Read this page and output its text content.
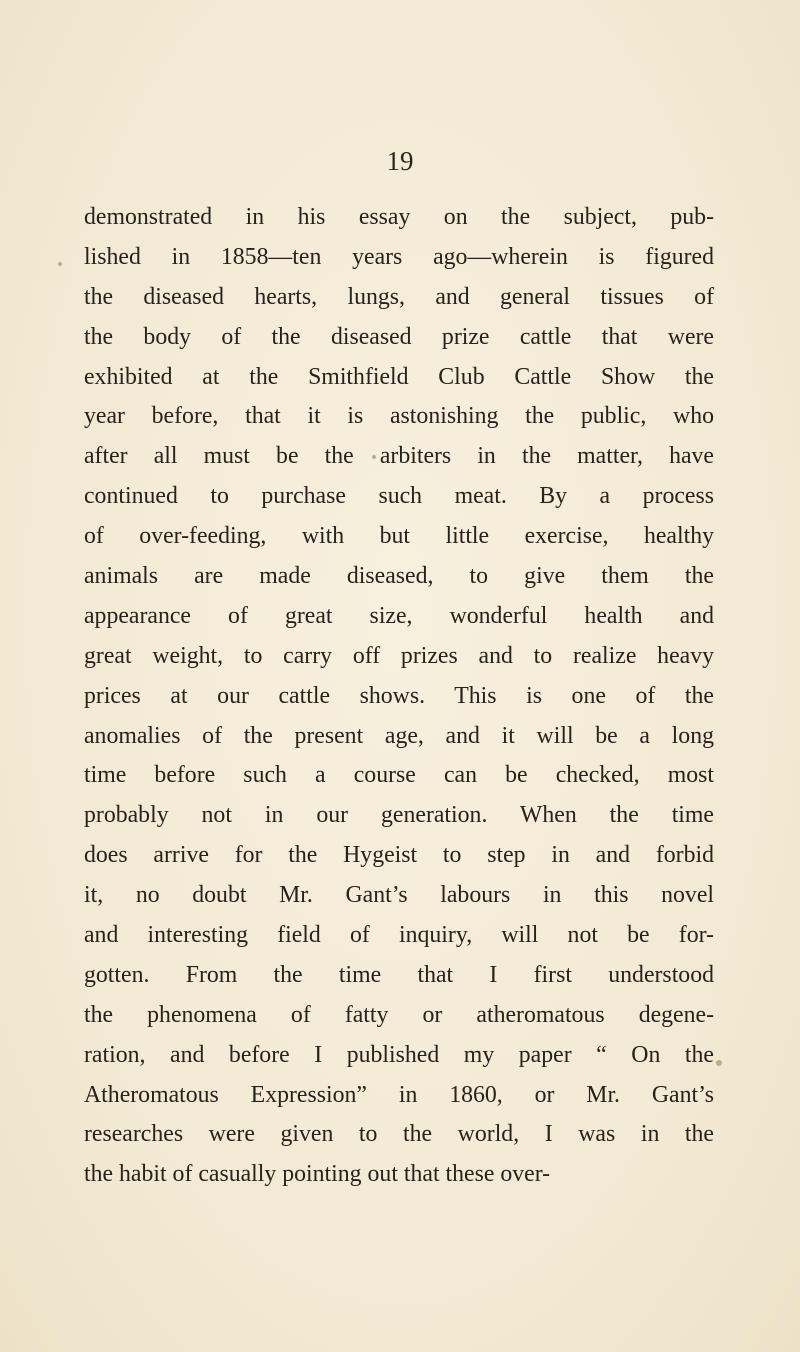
19
demonstrated in his essay on the subject, pub-
lished in 1858—ten years ago—wherein is figured
the diseased hearts, lungs, and general tissues of
the body of the diseased prize cattle that were
exhibited at the Smithfield Club Cattle Show the
year before, that it is astonishing the public, who
after all must be the arbiters in the matter, have
continued to purchase such meat. By a process
of over-feeding, with but little exercise, healthy
animals are made diseased, to give them the
appearance of great size, wonderful health and
great weight, to carry off prizes and to realize heavy
prices at our cattle shows. This is one of the
anomalies of the present age, and it will be a long
time before such a course can be checked, most
probably not in our generation. When the time
does arrive for the Hygeist to step in and forbid
it, no doubt Mr. Gant’s labours in this novel
and interesting field of inquiry, will not be for-
gotten. From the time that I first understood
the phenomena of fatty or atheromatous degene-
ration, and before I published my paper “ On the
Atheromatous Expression” in 1860, or Mr. Gant’s
researches were given to the world, I was in the
the habit of casually pointing out that these over-
